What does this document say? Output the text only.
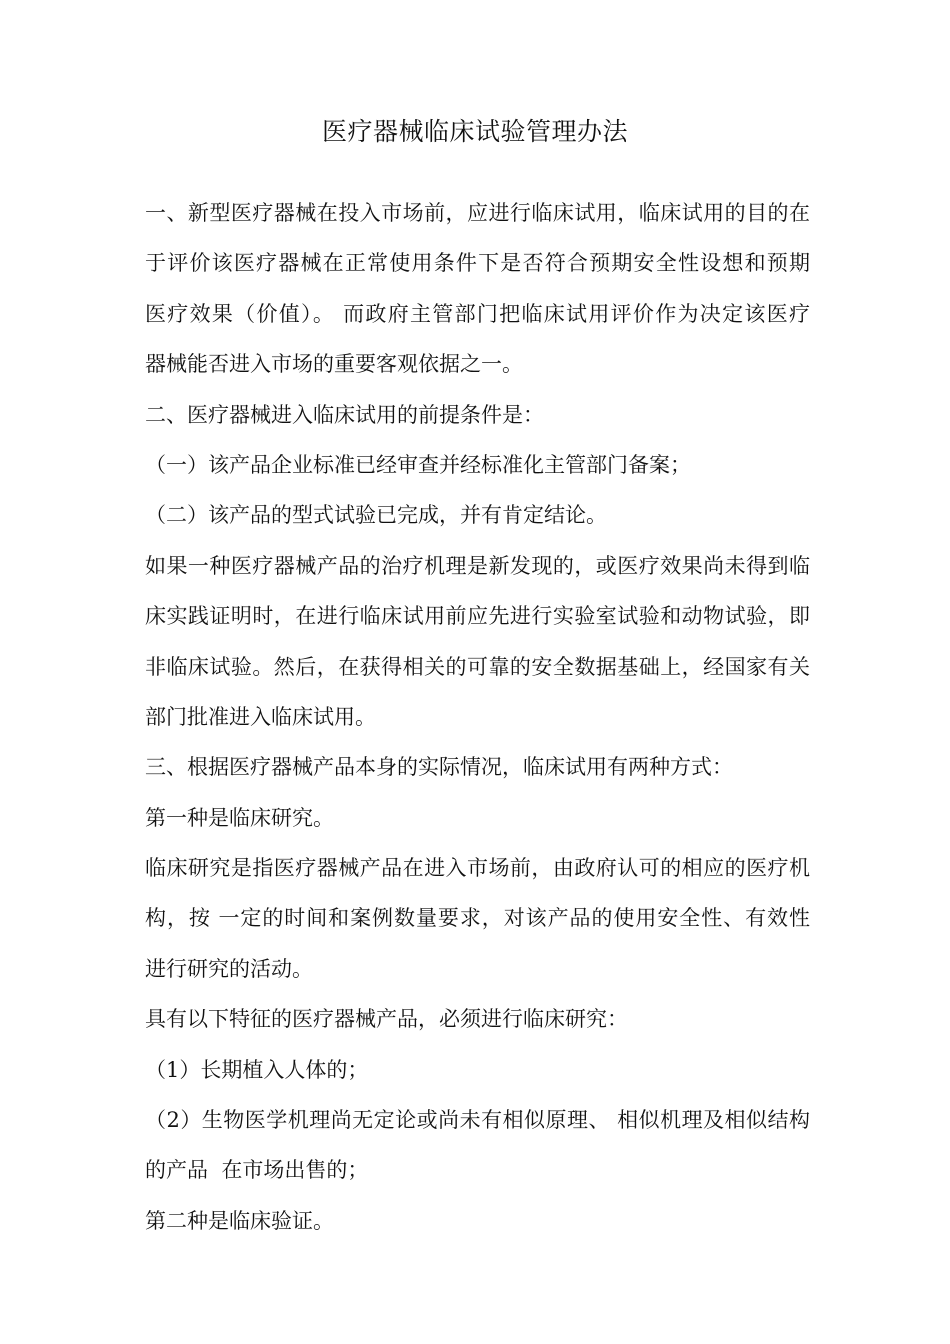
医疗器械临床试验管理办法
一、新型医疗器械在投入市场前，应进行临床试用，临床试用的目的在
于评价该医疗器械在正常使用条件下是否符合预期安全性设想和预期
医疗效果（价值）。 而政府主管部门把临床试用评价作为决定该医疗
器械能否进入市场的重要客观依据之一。
二、医疗器械进入临床试用的前提条件是：
（一）该产品企业标准已经审查并经标准化主管部门备案；
（二）该产品的型式试验已完成，并有肯定结论。
如果一种医疗器械产品的治疗机理是新发现的，或医疗效果尚未得到临
床实践证明时，在进行临床试用前应先进行实验室试验和动物试验，即
非临床试验。然后，在获得相关的可靠的安全数据基础上，经国家有关
部门批准进入临床试用。
三、根据医疗器械产品本身的实际情况，临床试用有两种方式：
第一种是临床研究。
临床研究是指医疗器械产品在进入市场前，由政府认可的相应的医疗机
构，按 一定的时间和案例数量要求，对该产品的使用安全性、有效性
进行研究的活动。
具有以下特征的医疗器械产品，必须进行临床研究：
（1）长期植入人体的；
（2）生物医学机理尚无定论或尚未有相似原理、 相似机理及相似结构
的产品  在市场出售的；
第二种是临床验证。
